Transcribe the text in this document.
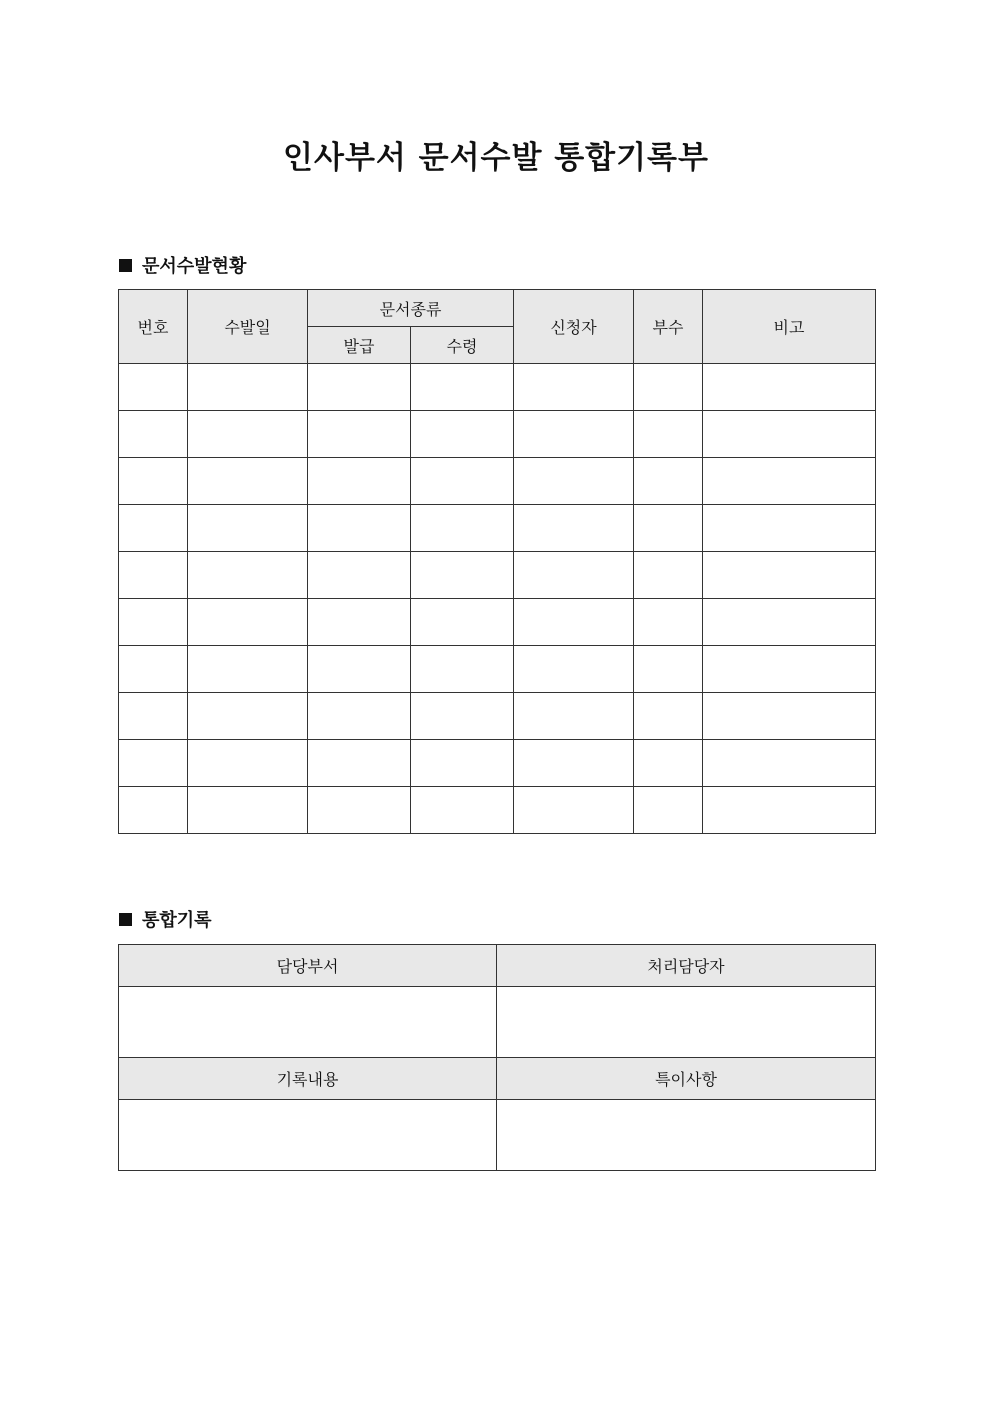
인사부서 문서수발 통합기록부
문서수발현황
번호	수발일	문서종류		신청자	부수	비고
		발급	수령			

통합기록
담당부서	처리담당자

기록내용	특이사항
